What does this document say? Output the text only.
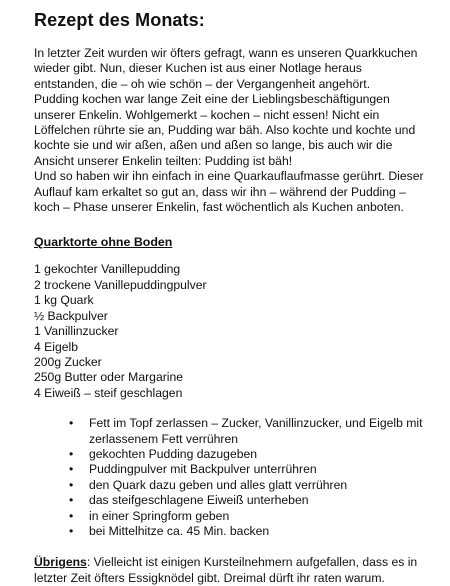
Rezept des Monats:

In letzter Zeit wurden wir öfters gefragt, wann es unseren Quarkkuchen
wieder gibt. Nun, dieser Kuchen ist aus einer Notlage heraus
entstanden, die – oh wie schön – der Vergangenheit angehört.
Pudding kochen war lange Zeit eine der Lieblingsbeschäftigungen
unserer Enkelin. Wohlgemerkt – kochen – nicht essen! Nicht ein
Löffelchen rührte sie an, Pudding war bäh. Also kochte und kochte und
kochte sie und wir aßen, aßen und aßen so lange, bis auch wir die
Ansicht unserer Enkelin teilten: Pudding ist bäh!
Und so haben wir ihn einfach in eine Quarkauflaufmasse gerührt. Dieser
Auflauf kam erkaltet so gut an, dass wir ihn – während der Pudding –
koch – Phase unserer Enkelin, fast wöchentlich als Kuchen anboten.

Quarktorte ohne Boden
1 gekochter Vanillepudding
2 trockene Vanillepuddingpulver
1 kg Quark
½ Backpulver
1 Vanillinzucker
4 Eigelb
200g Zucker
250g Butter oder Margarine
4 Eiweiß – steif geschlagen
• Fett im Topf zerlassen – Zucker, Vanillinzucker, und Eigelb mit
zerlassenem Fett verrühren
• gekochten Pudding dazugeben
• Puddingpulver mit Backpulver unterrühren
• den Quark dazu geben und alles glatt verrühren
• das steifgeschlagene Eiweiß unterheben
• in einer Springform geben
• bei Mittelhitze ca. 45 Min. backen

Übrigens: Vielleicht ist einigen Kursteilnehmern aufgefallen, dass es in
letzter Zeit öfters Essigknödel gibt. Dreimal dürft ihr raten warum.
